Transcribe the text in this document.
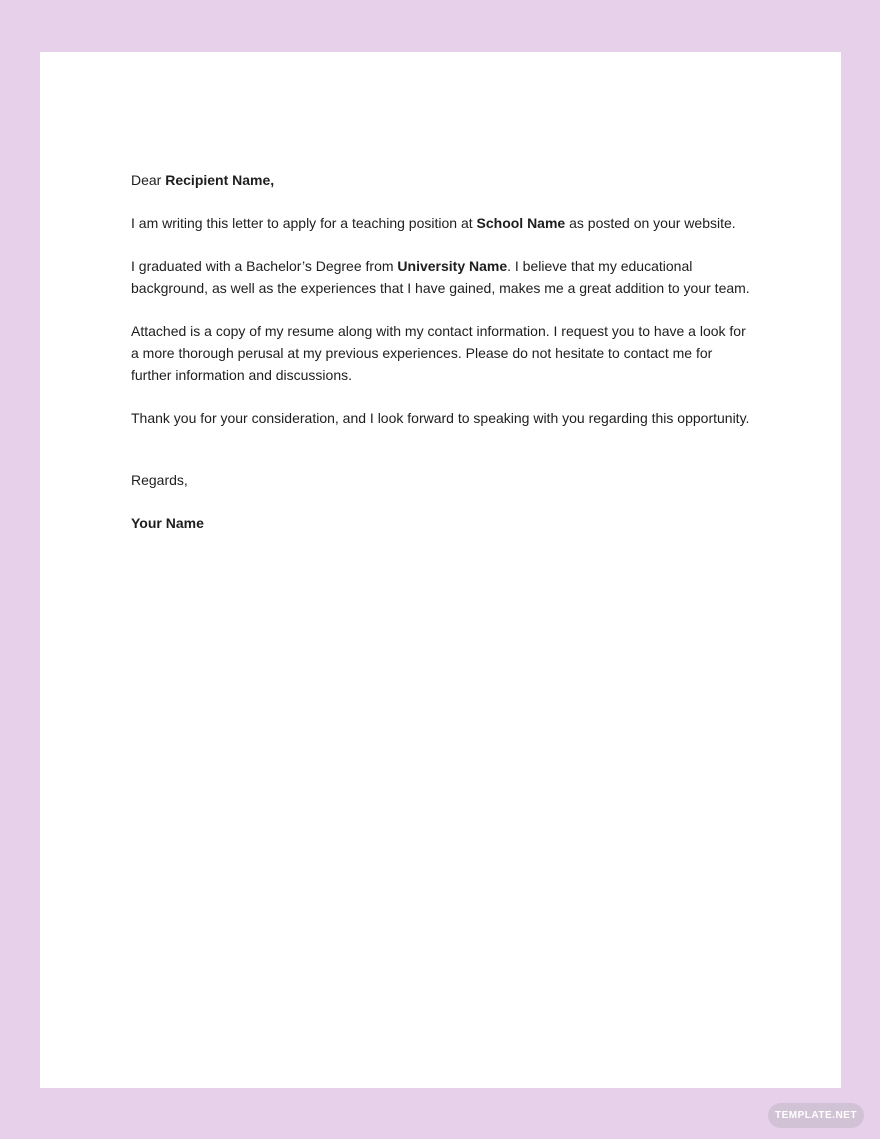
Dear Recipient Name,

I am writing this letter to apply for a teaching position at School Name as posted on your website.

I graduated with a Bachelor’s Degree from University Name. I believe that my educational background, as well as the experiences that I have gained, makes me a great addition to your team.

Attached is a copy of my resume along with my contact information. I request you to have a look for a more thorough perusal at my previous experiences. Please do not hesitate to contact me for further information and discussions.

Thank you for your consideration, and I look forward to speaking with you regarding this opportunity.

Regards,

Your Name

TEMPLATE.NET
